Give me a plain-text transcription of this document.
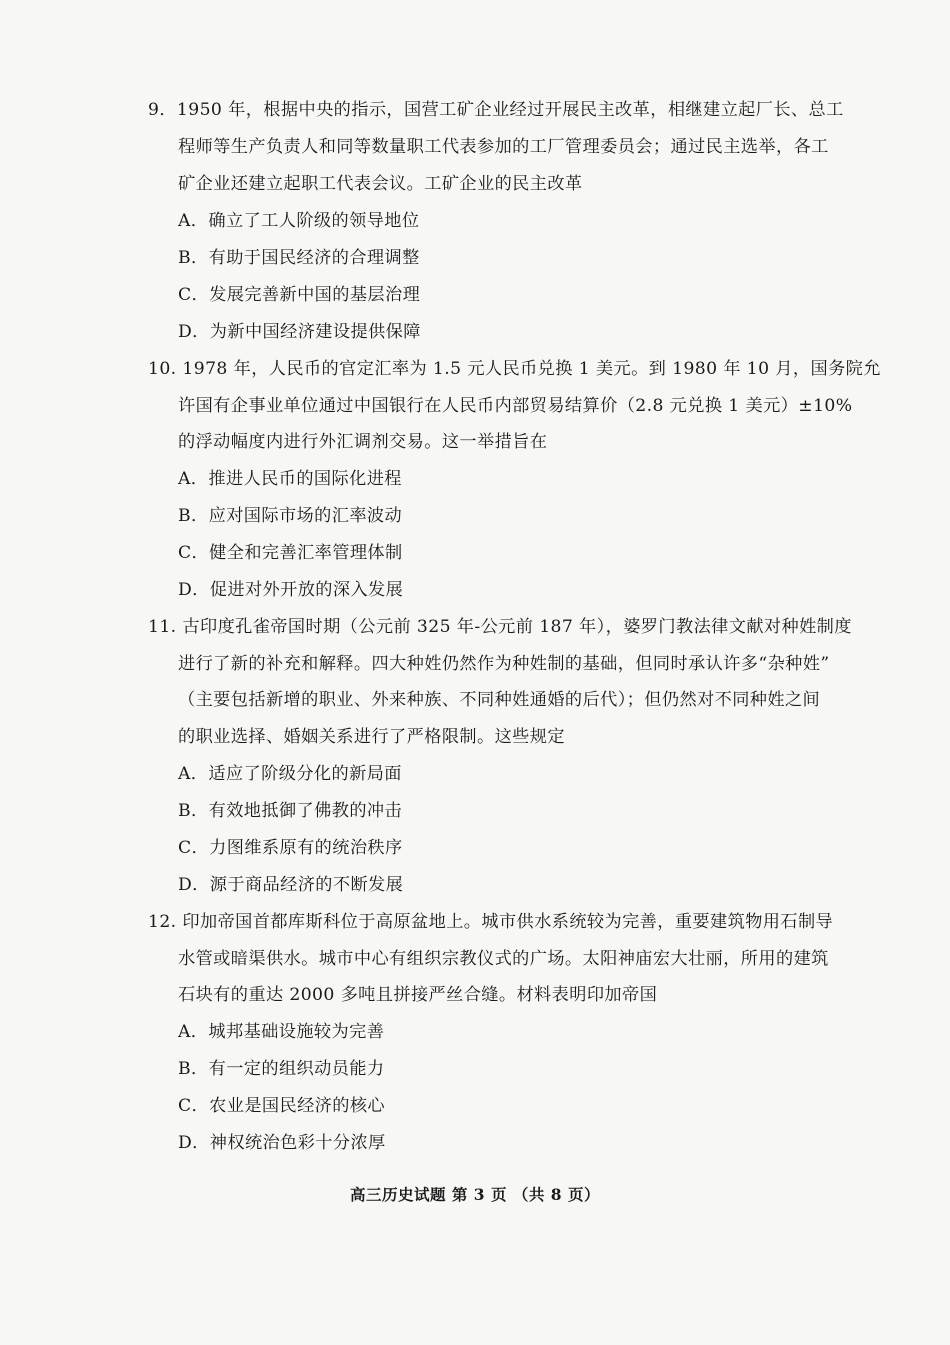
9．1950 年，根据中央的指示，国营工矿企业经过开展民主改革，相继建立起厂长、总工
程师等生产负责人和同等数量职工代表参加的工厂管理委员会；通过民主选举，各工
矿企业还建立起职工代表会议。工矿企业的民主改革
A．确立了工人阶级的领导地位
B．有助于国民经济的合理调整
C．发展完善新中国的基层治理
D．为新中国经济建设提供保障
10. 1978 年，人民币的官定汇率为 1.5 元人民币兑换 1 美元。到 1980 年 10 月，国务院允
许国有企事业单位通过中国银行在人民币内部贸易结算价（2.8 元兑换 1 美元）±10%
的浮动幅度内进行外汇调剂交易。这一举措旨在
A．推进人民币的国际化进程
B．应对国际市场的汇率波动
C．健全和完善汇率管理体制
D．促进对外开放的深入发展
11. 古印度孔雀帝国时期（公元前 325 年-公元前 187 年），婆罗门教法律文献对种姓制度
进行了新的补充和解释。四大种姓仍然作为种姓制的基础，但同时承认许多“杂种姓”
（主要包括新增的职业、外来种族、不同种姓通婚的后代）；但仍然对不同种姓之间
的职业选择、婚姻关系进行了严格限制。这些规定
A．适应了阶级分化的新局面
B．有效地抵御了佛教的冲击
C．力图维系原有的统治秩序
D．源于商品经济的不断发展
12. 印加帝国首都库斯科位于高原盆地上。城市供水系统较为完善，重要建筑物用石制导
水管或暗渠供水。城市中心有组织宗教仪式的广场。太阳神庙宏大壮丽，所用的建筑
石块有的重达 2000 多吨且拼接严丝合缝。材料表明印加帝国
A．城邦基础设施较为完善
B．有一定的组织动员能力
C．农业是国民经济的核心
D．神权统治色彩十分浓厚
高三历史试题 第 3 页 （共 8 页）
